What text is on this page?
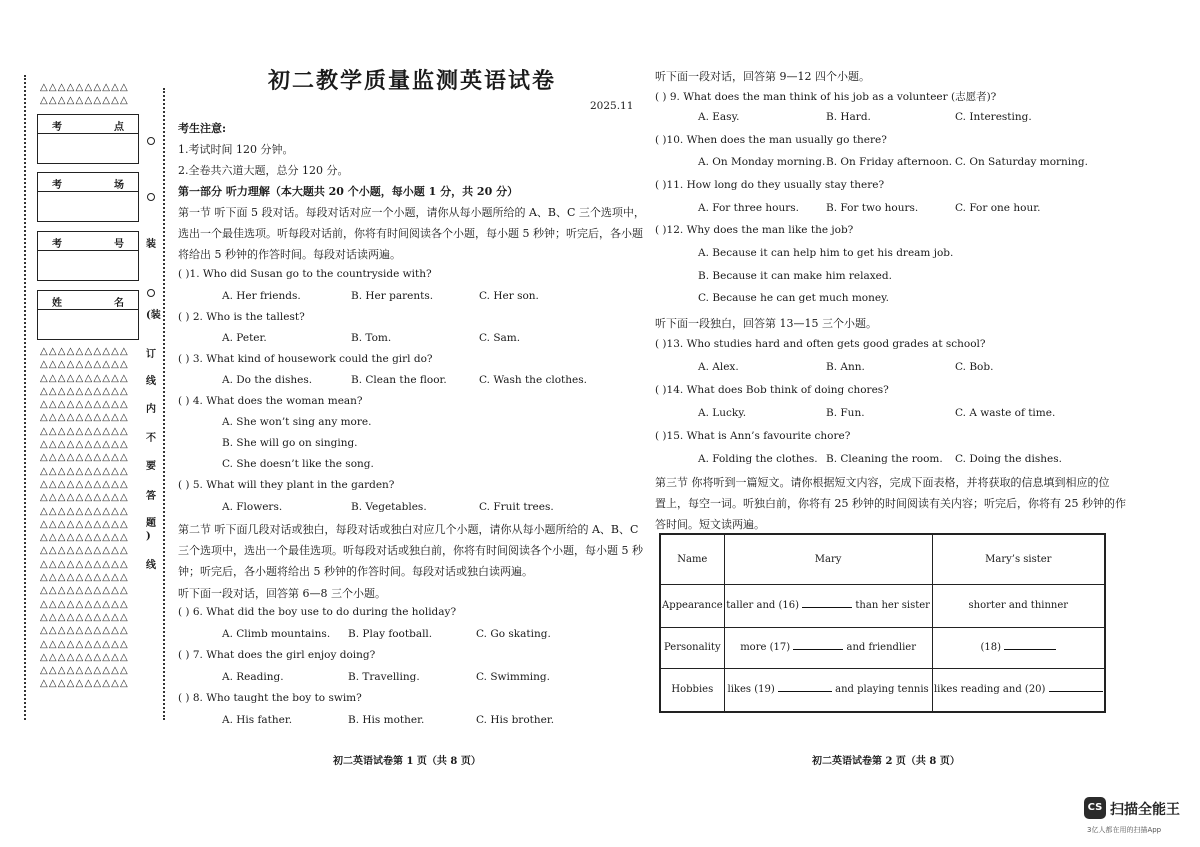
△△△△△△△△△△
△△△△△△△△△△
考	点
考	场
考	号
姓	名
△△△△△△△△△△
△△△△△△△△△△
△△△△△△△△△△
△△△△△△△△△△
△△△△△△△△△△
△△△△△△△△△△
△△△△△△△△△△
△△△△△△△△△△
△△△△△△△△△△
△△△△△△△△△△
△△△△△△△△△△
△△△△△△△△△△
△△△△△△△△△△
△△△△△△△△△△
△△△△△△△△△△
△△△△△△△△△△
△△△△△△△△△△
△△△△△△△△△△
△△△△△△△△△△
△△△△△△△△△△
△△△△△△△△△△
△△△△△△△△△△
△△△△△△△△△△
△△△△△△△△△△
△△△△△△△△△△
△△△△△△△△△△
装
(装
订
线
内
不
要
答
题
)
线
初二教学质量监测英语试卷
2025.11
考生注意:
1.考试时间 120 分钟。
2.全卷共六道大题，总分 120 分。
第一部分 听力理解（本大题共 20 个小题，每小题 1 分，共 20 分）
第一节 听下面 5 段对话。每段对话对应一个小题，请你从每小题所给的 A、B、C 三个选项中，
选出一个最佳选项。听每段对话前，你将有时间阅读各个小题，每小题 5 秒钟；听完后，各小题
将给出 5 秒钟的作答时间。每段对话读两遍。
( )1. Who did Susan go to the countryside with?
A. Her friends.	B. Her parents.	C. Her son.
( ) 2. Who is the tallest?
A. Peter.	B. Tom.	C. Sam.
( ) 3. What kind of housework could the girl do?
A. Do the dishes.	B. Clean the floor.	C. Wash the clothes.
( ) 4. What does the woman mean?
A. She won’t sing any more.
B. She will go on singing.
C. She doesn’t like the song.
( ) 5. What will they plant in the garden?
A. Flowers.	B. Vegetables.	C. Fruit trees.
第二节 听下面几段对话或独白，每段对话或独白对应几个小题，请你从每小题所给的 A、B、C
三个选项中，选出一个最佳选项。听每段对话或独白前，你将有时间阅读各个小题，每小题 5 秒
钟；听完后，各小题将给出 5 秒钟的作答时间。每段对话或独白读两遍。
听下面一段对话，回答第 6—8 三个小题。
( ) 6. What did the boy use to do during the holiday?
A. Climb mountains. B. Play football.	C. Go skating.
( ) 7. What does the girl enjoy doing?
A. Reading.	B. Travelling.	C. Swimming.
( ) 8. Who taught the boy to swim?
A. His father.	B. His mother.	C. His brother.
初二英语试卷第 1 页（共 8 页）
听下面一段对话，回答第 9—12 四个小题。
( ) 9. What does the man think of his job as a volunteer (志愿者)?
A. Easy.	B. Hard.	C. Interesting.
( )10. When does the man usually go there?
A. On Monday morning. B. On Friday afternoon. C. On Saturday morning.
( )11. How long do they usually stay there?
A. For three hours.	B. For two hours.	C. For one hour.
( )12. Why does the man like the job?
A. Because it can help him to get his dream job.
B. Because it can make him relaxed.
C. Because he can get much money.
听下面一段独白，回答第 13—15 三个小题。
( )13. Who studies hard and often gets good grades at school?
A. Alex.	B. Ann.	C. Bob.
( )14. What does Bob think of doing chores?
A. Lucky.	B. Fun.	C. A waste of time.
( )15. What is Ann’s favourite chore?
A. Folding the clothes. B. Cleaning the room. C. Doing the dishes.
第三节 你将听到一篇短文。请你根据短文内容，完成下面表格，并将获取的信息填到相应的位
置上，每空一词。听独白前，你将有 25 秒钟的时间阅读有关内容；听完后，你将有 25 秒钟的作
答时间。短文读两遍。
Name	Mary	Mary’s sister
Appearance	taller and (16) than her sister	shorter and thinner
Personality	more (17) and friendlier	(18)
Hobbies	likes (19) and playing tennis	likes reading and (20)
初二英语试卷第 2 页（共 8 页）
CS 扫描全能王
3亿人都在用的扫描App
